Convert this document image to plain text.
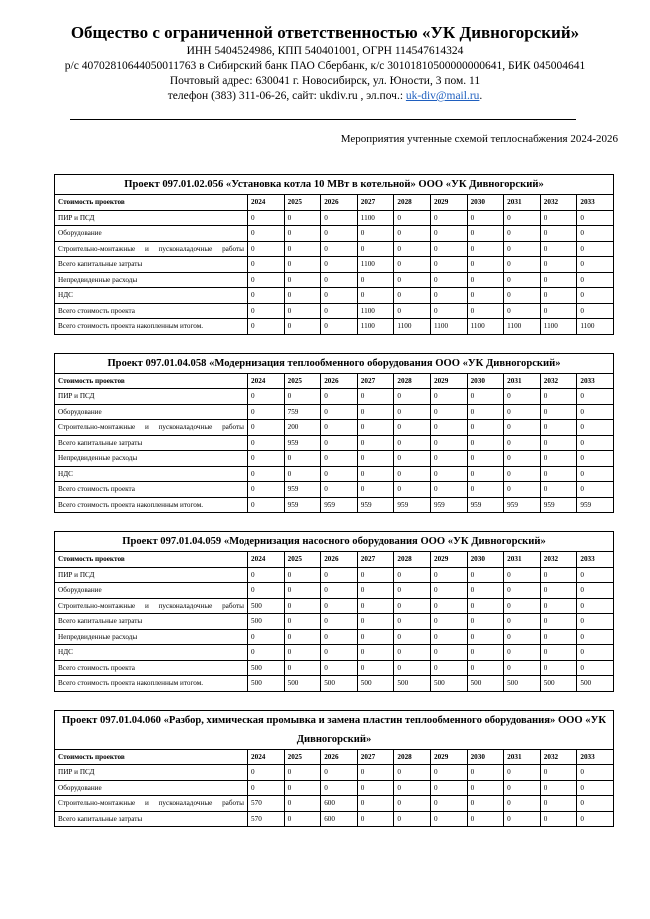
Общество с ограниченной ответственностью «УК Дивногорский»
ИНН 5404524986, КПП 540401001, ОГРН 114547614324
р/с 40702810644050011763 в Сибирский банк ПАО Сбербанк, к/с 30101810500000000641, БИК 045004641
Почтовый адрес: 630041 г. Новосибирск, ул. Юности, 3 пом. 11
телефон (383) 311-06-26, сайт: ukdiv.ru , эл.поч.: uk-div@mail.ru.
Мероприятия учтенные схемой теплоснабжения 2024-2026
Проект 097.01.02.056 «Установка котла 10 МВт в котельной» ООО «УК Дивногорский»										
Стоимость проектов	2024	2025	2026	2027	2028	2029	2030	2031	2032	2033
ПИР и ПСД	0	0	0	1100	0	0	0	0	0	0
Оборудование	0	0	0	0	0	0	0	0	0	0
Строительно-монтажные и пусконаладочные работы	0	0	0	0	0	0	0	0	0	0
Всего капитальные затраты	0	0	0	1100	0	0	0	0	0	0
Непредвиденные расходы	0	0	0	0	0	0	0	0	0	0
НДС	0	0	0	0	0	0	0	0	0	0
Всего стоимость проекта	0	0	0	1100	0	0	0	0	0	0
Всего стоимость проекта накопленным итогом.	0	0	0	1100	1100	1100	1100	1100	1100	1100
Проект 097.01.04.058 «Модернизация теплообменного оборудования ООО «УК Дивногорский»										
Стоимость проектов	2024	2025	2026	2027	2028	2029	2030	2031	2032	2033
ПИР и ПСД	0	0	0	0	0	0	0	0	0	0
Оборудование	0	759	0	0	0	0	0	0	0	0
Строительно-монтажные и пусконаладочные работы	0	200	0	0	0	0	0	0	0	0
Всего капитальные затраты	0	959	0	0	0	0	0	0	0	0
Непредвиденные расходы	0	0	0	0	0	0	0	0	0	0
НДС	0	0	0	0	0	0	0	0	0	0
Всего стоимость проекта	0	959	0	0	0	0	0	0	0	0
Всего стоимость проекта накопленным итогом.	0	959	959	959	959	959	959	959	959	959
Проект 097.01.04.059 «Модернизация насосного оборудования ООО «УК Дивногорский»										
Стоимость проектов	2024	2025	2026	2027	2028	2029	2030	2031	2032	2033
ПИР и ПСД	0	0	0	0	0	0	0	0	0	0
Оборудование	0	0	0	0	0	0	0	0	0	0
Строительно-монтажные и пусконаладочные работы	500	0	0	0	0	0	0	0	0	0
Всего капитальные затраты	500	0	0	0	0	0	0	0	0	0
Непредвиденные расходы	0	0	0	0	0	0	0	0	0	0
НДС	0	0	0	0	0	0	0	0	0	0
Всего стоимость проекта	500	0	0	0	0	0	0	0	0	0
Всего стоимость проекта накопленным итогом.	500	500	500	500	500	500	500	500	500	500
Проект 097.01.04.060 «Разбор, химическая промывка и замена пластин теплообменного оборудования» ООО «УК Дивногорский»										
Стоимость проектов	2024	2025	2026	2027	2028	2029	2030	2031	2032	2033
ПИР и ПСД	0	0	0	0	0	0	0	0	0	0
Оборудование	0	0	0	0	0	0	0	0	0	0
Строительно-монтажные и пусконаладочные работы	570	0	600	0	0	0	0	0	0	0
Всего капитальные затраты	570	0	600	0	0	0	0	0	0	0
